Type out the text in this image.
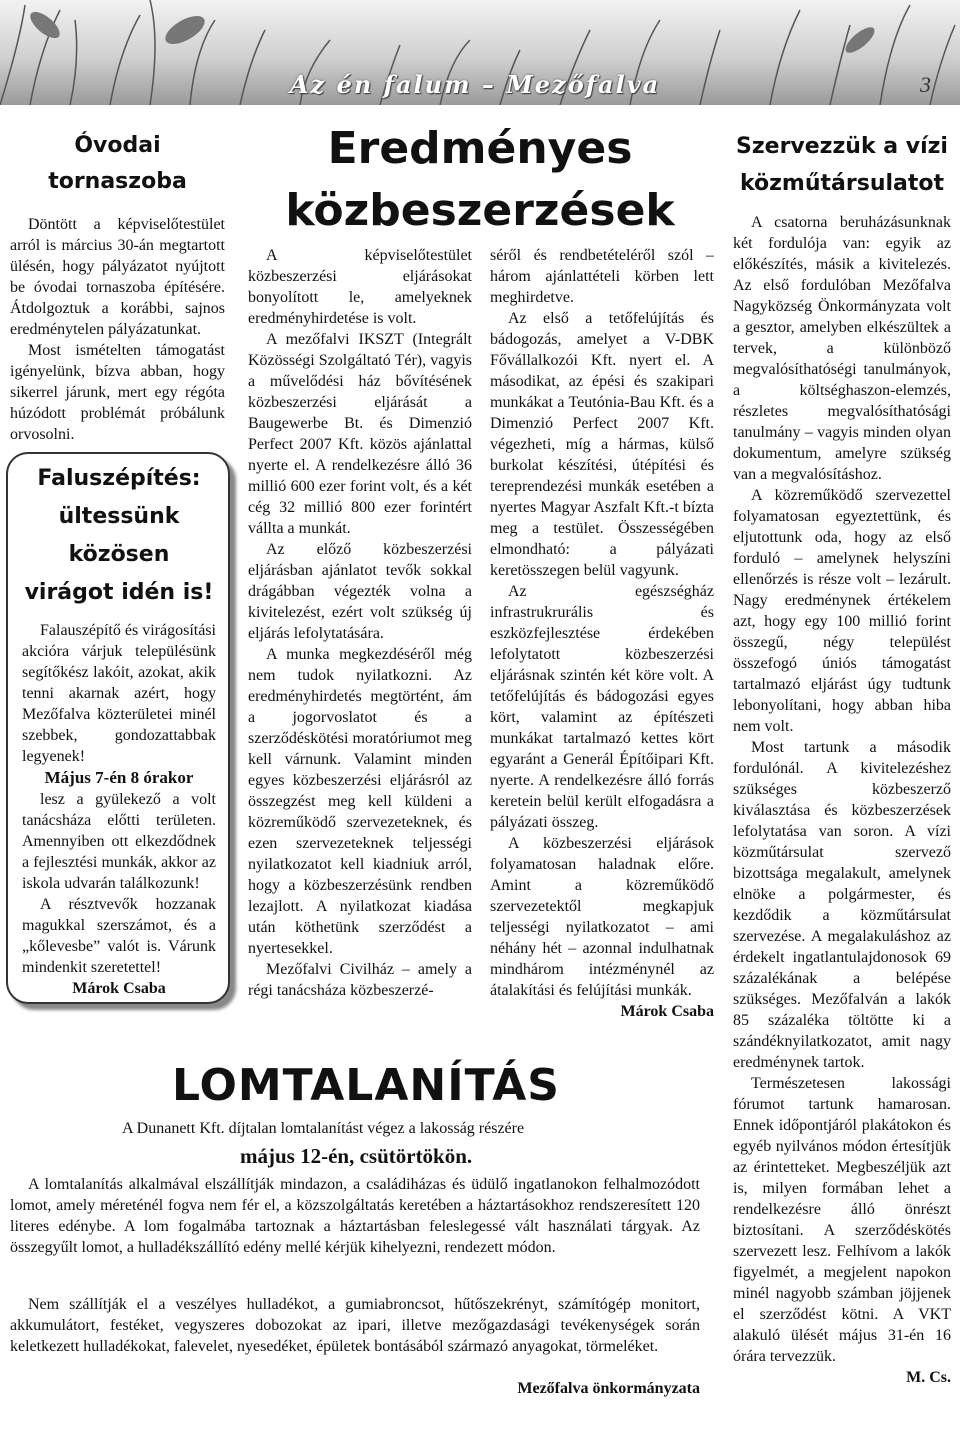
Az én falum – Mezőfalva	3
Óvodai tornaszoba

Döntött a képviselőtestület arról is március 30-án megtartott ülésén, hogy pályázatot nyújtott be óvodai tornaszoba építésére. Átdolgoztuk a korábbi, sajnos eredménytelen pályázatunkat.

Most ismételten támogatást igényelünk, bízva abban, hogy sikerrel járunk, mert egy régóta húzódott problémát próbálunk orvosolni.

Faluszépítés: ültessünk közösen virágot idén is!

Falauszépítő és virágosítási akcióra várjuk településünk segítőkész lakóit, azokat, akik tenni akarnak azért, hogy Mezőfalva közterületei minél szebbek, gondozattabbak legyenek!

Május 7-én 8 órakor

lesz a gyülekező a volt tanácsháza előtti területen. Amennyiben ott elkezdődnek a fejlesztési munkák, akkor az iskola udvarán találkozunk!

A résztvevők hozzanak magukkal szerszámot, és a „kőlevesbe” valót is. Várunk mindenkit szeretettel!

Márok Csaba

Eredményes közbeszerzések

A képviselőtestület közbeszerzési eljárásokat bonyolított le, amelyeknek eredményhirdetése is volt.

A mezőfalvi IKSZT (Integrált Közösségi Szolgáltató Tér), vagyis a művelődési ház bővítésének közbeszerzési eljárását a Baugewerbe Bt. és Dimenzió Perfect 2007 Kft. közös ajánlattal nyerte el. A rendelkezésre álló 36 millió 600 ezer forint volt, és a két cég 32 millió 800 ezer forintért vállta a munkát.

Az előző közbeszerzési eljárásban ajánlatot tevők sokkal drágábban végezték volna a kivitelezést, ezért volt szükség új eljárás lefolytatására.

A munka megkezdéséről még nem tudok nyilatkozni. Az eredményhirdetés megtörtént, ám a jogorvoslatot és a szerződéskötési moratóriumot meg kell várnunk. Valamint minden egyes közbeszerzési eljárásról az összegzést meg kell küldeni a közreműködő szervezeteknek, és ezen szervezeteknek teljességi nyilatkozatot kell kiadniuk arról, hogy a közbeszerzésünk rendben lezajlott. A nyilatkozat kiadása után köthetünk szerződést a nyertesekkel.

Mezőfalvi Civilház – amely a régi tanácsháza közbeszerzé-

séről és rendbetételéről szól – három ajánlattételi körben lett meghirdetve.

Az első a tetőfelújítás és bádogozás, amelyet a V-DBK Fővállalkozói Kft. nyert el. A másodikat, az épési és szakipari munkákat a Teutónia-Bau Kft. és a Dimenzió Perfect 2007 Kft. végezheti, míg a hármas, külső burkolat készítési, útépítési és tereprendezési munkák esetében a nyertes Magyar Aszfalt Kft.-t bízta meg a testület. Összességében elmondható: a pályázati keretösszegen belül vagyunk.

Az egészségház infrastrukrurális és eszközfejlesztése érdekében lefolytatott közbeszerzési eljárásnak szintén két köre volt. A tetőfelújítás és bádogozási egyes kört, valamint az építészeti munkákat tartalmazó kettes kört egyaránt a Generál Építőipari Kft. nyerte. A rendelkezésre álló forrás keretein belül került elfogadásra a pályázati összeg.

A közbeszerzési eljárások folyamatosan haladnak előre. Amint a közreműködő szervezetektől megkapjuk teljességi nyilatkozatot – ami néhány hét – azonnal indulhatnak mindhárom intézménynél az átalakítási és felújítási munkák.

Márok Csaba

Szervezzük a vízi közműtársulatot

A csatorna beruházásunknak két fordulója van: egyik az előkészítés, másik a kivitelezés. Az első fordulóban Mezőfalva Nagyközség Önkormányzata volt a gesztor, amelyben elkészültek a tervek, a különböző megvalósíthatóségi tanulmányok, a költséghaszon-elemzés, részletes megvalósíthatósági tanulmány – vagyis minden olyan dokumentum, amelyre szükség van a megvalósításhoz.

A közreműködő szervezettel folyamatosan egyeztettünk, és eljutottunk oda, hogy az első forduló – amelynek helyszíni ellenőrzés is része volt – lezárult. Nagy eredménynek értékelem azt, hogy egy 100 millió forint összegű, négy települést összefogó úniós támogatást tartalmazó eljárást úgy tudtunk lebonyolítani, hogy abban hiba nem volt.

Most tartunk a második fordulónál. A kivitelezéshez szükséges közbeszerző kiválasztása és közbeszerzések lefolytatása van soron. A vízi közműtársulat szervező bizottsága megalakult, amelynek elnöke a polgármester, és kezdődik a közműtársulat szervezése. A megalakuláshoz az érdekelt ingatlantulajdonosok 69 százalékának a belépése szükséges. Mezőfalván a lakók 85 százaléka töltötte ki a szándéknyilatkozatot, amit nagy eredménynek tartok.

Természetesen lakossági fórumot tartunk hamarosan. Ennek időpontjáról plakátokon és egyéb nyilvános módon értesítjük az érintetteket. Megbeszéljük azt is, milyen formában lehet a rendelkezésre álló önrészt biztosítani. A szerződéskötés szervezett lesz. Felhívom a lakók figyelmét, a megjelent napokon minél nagyobb számban jöjjenek el szerződést kötni. A VKT alakuló ülését május 31-én 16 órára tervezzük.

M. Cs.

LOMTALANÍTÁS
A Dunanett Kft. díjtalan lomtalanítást végez a lakosság részére
május 12-én, csütörtökön.

A lomtalanítás alkalmával elszállítják mindazon, a családiházas és üdülő ingatlanokon felhalmozódott lomot, amely méreténél fogva nem fér el, a közszolgáltatás keretében a háztartásokhoz rendszeresített 120 literes edénybe. A lom fogalmába tartoznak a háztartásban feleslegessé vált használati tárgyak. Az összegyűlt lomot, a hulladékszállító edény mellé kérjük kihelyezni, rendezett módon.

Nem szállítják el a veszélyes hulladékot, a gumiabroncsot, hűtőszekrényt, számítógép monitort, akkumulátort, festéket, vegyszeres dobozokat az ipari, illetve mezőgazdasági tevékenységek során keletkezett hulladékokat, falevelet, nyesedéket, épületek bontásából származó anyagokat, törmeléket.

Mezőfalva önkormányzata
